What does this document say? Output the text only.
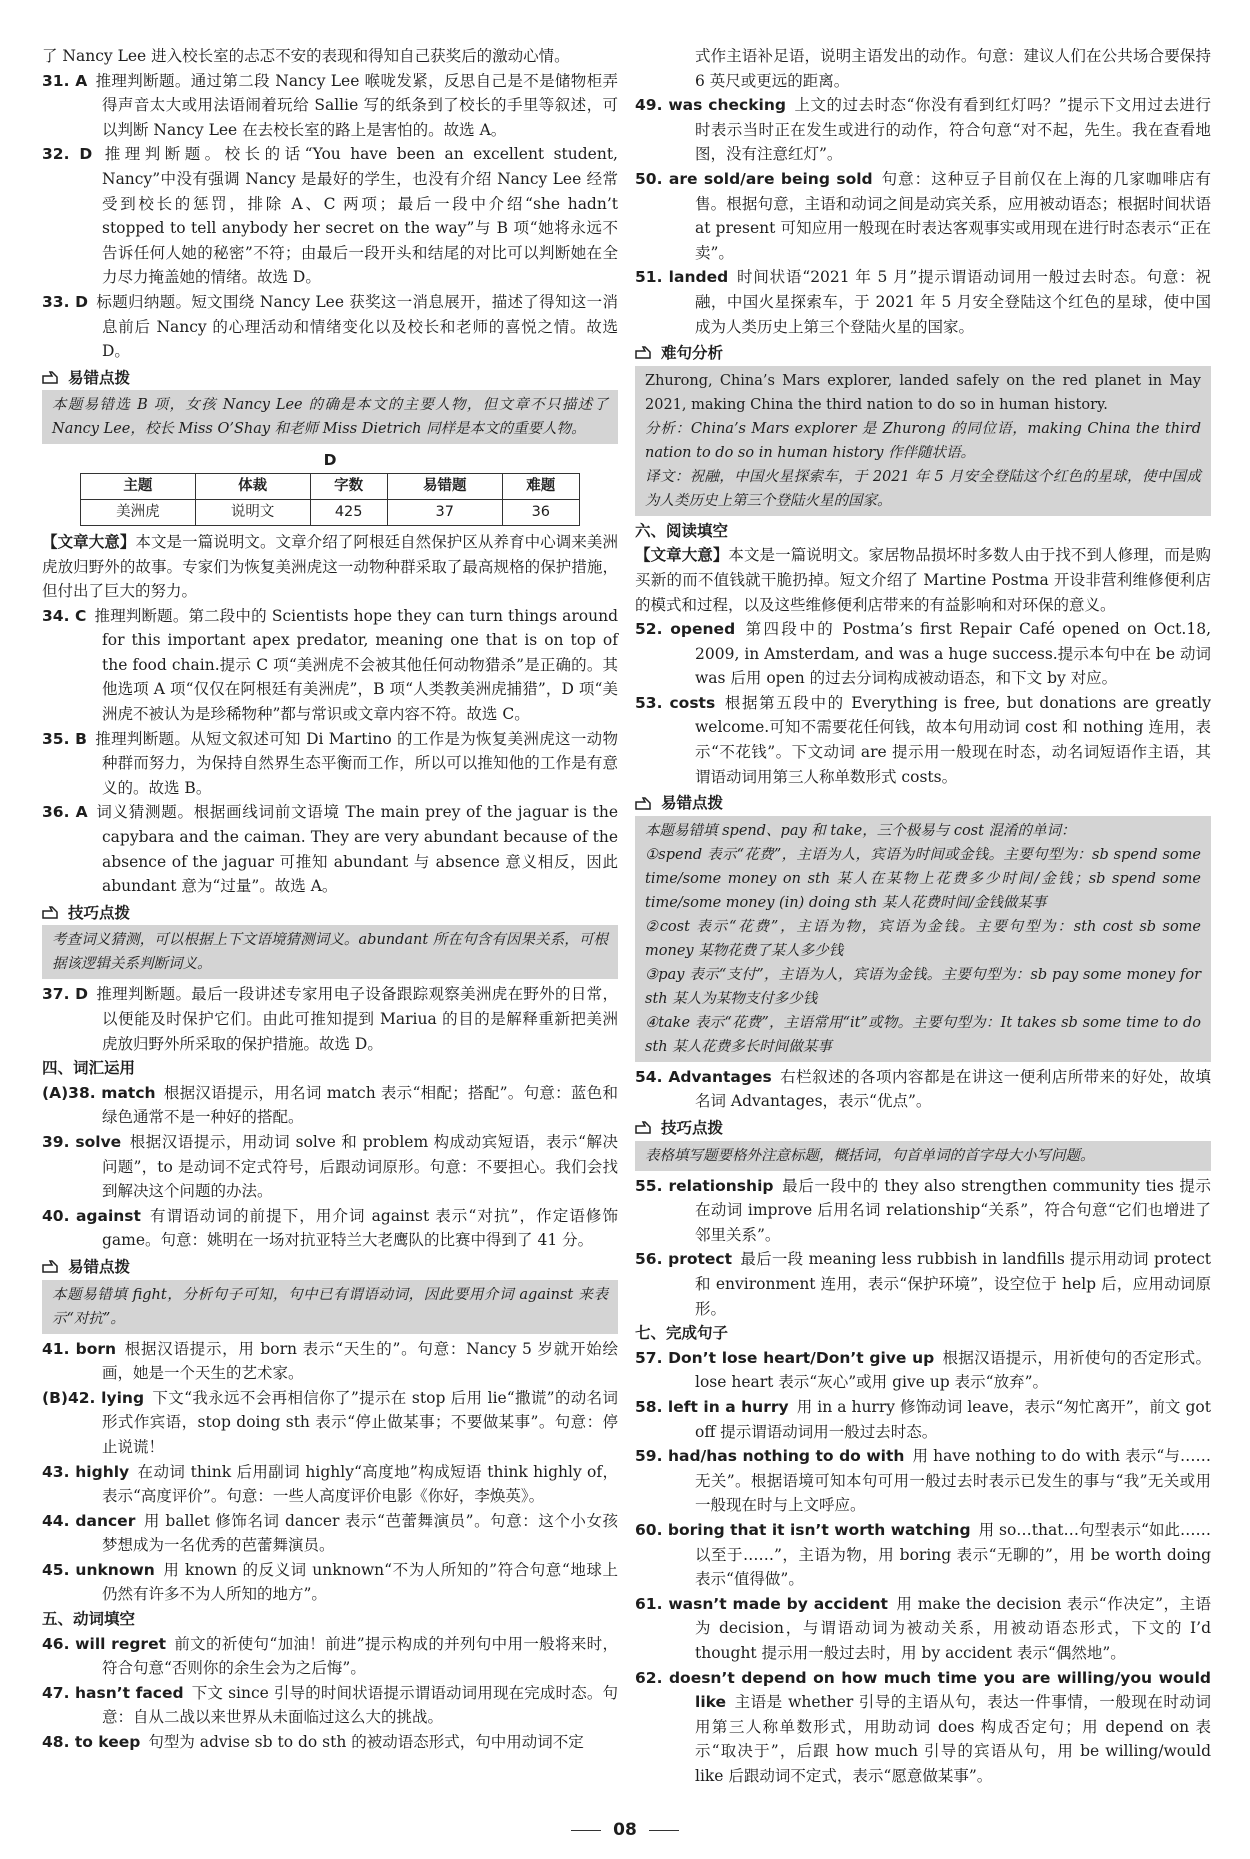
了 Nancy Lee 进入校长室的忐忑不安的表现和得知自己获奖后的激动心情。
31. A 推理判断题。通过第二段 Nancy Lee 喉咙发紧，反思自己是不是储物柜弄得声音太大或用法语闹着玩给 Sallie 写的纸条到了校长的手里等叙述，可以判断 Nancy Lee 在去校长室的路上是害怕的。故选 A。
32. D 推理判断题。校长的话“You have been an excellent student, Nancy”中没有强调 Nancy 是最好的学生，也没有介绍 Nancy Lee 经常受到校长的惩罚，排除 A、C 两项；最后一段中介绍“she hadn’t stopped to tell anybody her secret on the way”与 B 项“她将永远不告诉任何人她的秘密”不符；由最后一段开头和结尾的对比可以判断她在全力尽力掩盖她的情绪。故选 D。
33. D 标题归纳题。短文围绕 Nancy Lee 获奖这一消息展开，描述了得知这一消息前后 Nancy 的心理活动和情绪变化以及校长和老师的喜悦之情。故选 D。
易错点拨
本题易错选 B 项，女孩 Nancy Lee 的确是本文的主要人物，但文章不只描述了 Nancy Lee，校长 Miss O’Shay 和老师 Miss Dietrich 同样是本文的重要人物。
D
主题	体裁	字数	易错题	难题
美洲虎	说明文	425	37	36
【文章大意】本文是一篇说明文。文章介绍了阿根廷自然保护区从养育中心调来美洲虎放归野外的故事。专家们为恢复美洲虎这一动物种群采取了最高规格的保护措施，但付出了巨大的努力。
34. C 推理判断题。第二段中的 Scientists hope they can turn things around for this important apex predator, meaning one that is on top of the food chain.提示 C 项“美洲虎不会被其他任何动物猎杀”是正确的。其他选项 A 项“仅仅在阿根廷有美洲虎”，B 项“人类教美洲虎捕猎”，D 项“美洲虎不被认为是珍稀物种”都与常识或文章内容不符。故选 C。
35. B 推理判断题。从短文叙述可知 Di Martino 的工作是为恢复美洲虎这一动物种群而努力，为保持自然界生态平衡而工作，所以可以推知他的工作是有意义的。故选 B。
36. A 词义猜测题。根据画线词前文语境 The main prey of the jaguar is the capybara and the caiman. They are very abundant because of the absence of the jaguar 可推知 abundant 与 absence 意义相反，因此 abundant 意为“过量”。故选 A。
技巧点拨
考查词义猜测，可以根据上下文语境猜测词义。abundant 所在句含有因果关系，可根据该逻辑关系判断词义。
37. D 推理判断题。最后一段讲述专家用电子设备跟踪观察美洲虎在野外的日常，以便能及时保护它们。由此可推知提到 Mariua 的目的是解释重新把美洲虎放归野外所采取的保护措施。故选 D。
四、词汇运用
(A)38. match 根据汉语提示，用名词 match 表示“相配；搭配”。句意：蓝色和绿色通常不是一种好的搭配。
39. solve 根据汉语提示，用动词 solve 和 problem 构成动宾短语，表示“解决问题”，to 是动词不定式符号，后跟动词原形。句意：不要担心。我们会找到解决这个问题的办法。
40. against 有谓语动词的前提下，用介词 against 表示“对抗”，作定语修饰 game。句意：姚明在一场对抗亚特兰大老鹰队的比赛中得到了 41 分。
易错点拨
本题易错填 fight，分析句子可知，句中已有谓语动词，因此要用介词 against 来表示“对抗”。
41. born 根据汉语提示，用 born 表示“天生的”。句意：Nancy 5 岁就开始绘画，她是一个天生的艺术家。
(B)42. lying 下文“我永远不会再相信你了”提示在 stop 后用 lie“撒谎”的动名词形式作宾语，stop doing sth 表示“停止做某事；不要做某事”。句意：停止说谎！
43. highly 在动词 think 后用副词 highly“高度地”构成短语 think highly of，表示“高度评价”。句意：一些人高度评价电影《你好，李焕英》。
44. dancer 用 ballet 修饰名词 dancer 表示“芭蕾舞演员”。句意：这个小女孩梦想成为一名优秀的芭蕾舞演员。
45. unknown 用 known 的反义词 unknown“不为人所知的”符合句意“地球上仍然有许多不为人所知的地方”。
五、动词填空
46. will regret 前文的祈使句“加油！前进”提示构成的并列句中用一般将来时，符合句意“否则你的余生会为之后悔”。
47. hasn’t faced 下文 since 引导的时间状语提示谓语动词用现在完成时态。句意：自从二战以来世界从未面临过这么大的挑战。
48. to keep 句型为 advise sb to do sth 的被动语态形式，句中用动词不定
式作主语补足语，说明主语发出的动作。句意：建议人们在公共场合要保持 6 英尺或更远的距离。
49. was checking 上文的过去时态“你没有看到红灯吗？”提示下文用过去进行时表示当时正在发生或进行的动作，符合句意“对不起，先生。我在查看地图，没有注意红灯”。
50. are sold/are being sold 句意：这种豆子目前仅在上海的几家咖啡店有售。根据句意，主语和动词之间是动宾关系，应用被动语态；根据时间状语 at present 可知应用一般现在时表达客观事实或用现在进行时态表示“正在卖”。
51. landed 时间状语“2021 年 5 月”提示谓语动词用一般过去时态。句意：祝融，中国火星探索车，于 2021 年 5 月安全登陆这个红色的星球，使中国成为人类历史上第三个登陆火星的国家。
难句分析
Zhurong, China’s Mars explorer, landed safely on the red planet in May 2021, making China the third nation to do so in human history.
分析：China’s Mars explorer 是 Zhurong 的同位语，making China the third nation to do so in human history 作伴随状语。
译文：祝融，中国火星探索车，于 2021 年 5 月安全登陆这个红色的星球，使中国成为人类历史上第三个登陆火星的国家。
六、阅读填空
【文章大意】本文是一篇说明文。家居物品损坏时多数人由于找不到人修理，而是购买新的而不值钱就干脆扔掉。短文介绍了 Martine Postma 开设非营利维修便利店的模式和过程，以及这些维修便利店带来的有益影响和对环保的意义。
52. opened 第四段中的 Postma’s first Repair Café opened on Oct.18, 2009, in Amsterdam, and was a huge success.提示本句中在 be 动词 was 后用 open 的过去分词构成被动语态，和下文 by 对应。
53. costs 根据第五段中的 Everything is free, but donations are greatly welcome.可知不需要花任何钱，故本句用动词 cost 和 nothing 连用，表示“不花钱”。下文动词 are 提示用一般现在时态，动名词短语作主语，其谓语动词用第三人称单数形式 costs。
易错点拨
本题易错填 spend、pay 和 take，三个极易与 cost 混淆的单词：
①spend 表示“花费”，主语为人，宾语为时间或金钱。主要句型为：sb spend some time/some money on sth 某人在某物上花费多少时间/金钱；sb spend some time/some money (in) doing sth 某人花费时间/金钱做某事
②cost 表示“花费”，主语为物，宾语为金钱。主要句型为：sth cost sb some money 某物花费了某人多少钱
③pay 表示“支付”，主语为人，宾语为金钱。主要句型为：sb pay some money for sth 某人为某物支付多少钱
④take 表示“花费”，主语常用“it”或物。主要句型为：It takes sb some time to do sth 某人花费多长时间做某事
54. Advantages 右栏叙述的各项内容都是在讲这一便利店所带来的好处，故填名词 Advantages，表示“优点”。
技巧点拨
表格填写题要格外注意标题，概括词，句首单词的首字母大小写问题。
55. relationship 最后一段中的 they also strengthen community ties 提示在动词 improve 后用名词 relationship“关系”，符合句意“它们也增进了邻里关系”。
56. protect 最后一段 meaning less rubbish in landfills 提示用动词 protect 和 environment 连用，表示“保护环境”，设空位于 help 后，应用动词原形。
七、完成句子
57. Don’t lose heart/Don’t give up 根据汉语提示，用祈使句的否定形式。lose heart 表示“灰心”或用 give up 表示“放弃”。
58. left in a hurry 用 in a hurry 修饰动词 leave，表示“匆忙离开”，前文 got off 提示谓语动词用一般过去时态。
59. had/has nothing to do with 用 have nothing to do with 表示“与……无关”。根据语境可知本句可用一般过去时表示已发生的事与“我”无关或用一般现在时与上文呼应。
60. boring that it isn’t worth watching 用 so…that…句型表示“如此……以至于……”，主语为物，用 boring 表示“无聊的”，用 be worth doing 表示“值得做”。
61. wasn’t made by accident 用 make the decision 表示“作决定”，主语为 decision，与谓语动词为被动关系，用被动语态形式，下文的 I’d thought 提示用一般过去时，用 by accident 表示“偶然地”。
62. doesn’t depend on how much time you are willing/you would like 主语是 whether 引导的主语从句，表达一件事情，一般现在时动词用第三人称单数形式，用助动词 does 构成否定句；用 depend on 表示“取决于”，后跟 how much 引导的宾语从句，用 be willing/would like 后跟动词不定式，表示“愿意做某事”。
08
